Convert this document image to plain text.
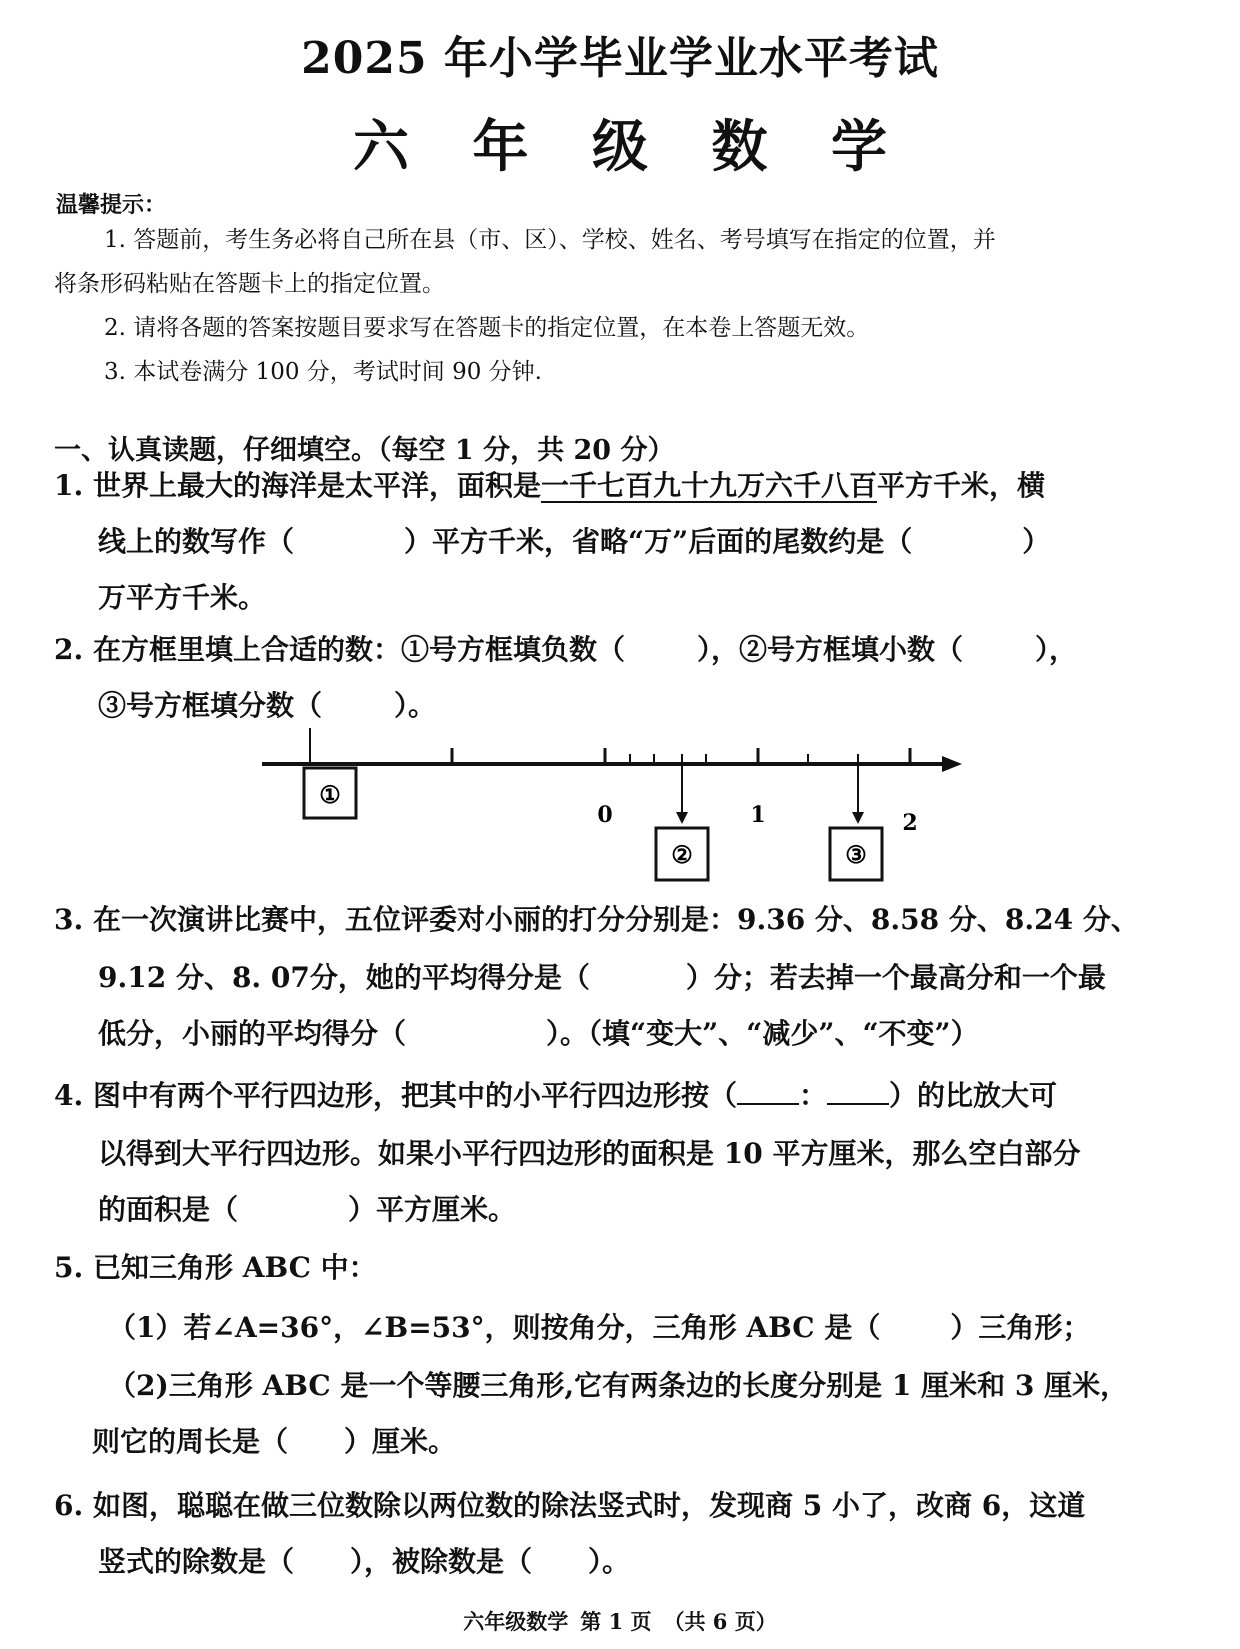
2025 年小学毕业学业水平考试
六 年 级 数 学
温馨提示：
1. 答题前，考生务必将自己所在县（市、区）、学校、姓名、考号填写在指定的位置，并
将条形码粘贴在答题卡上的指定位置。
2. 请将各题的答案按题目要求写在答题卡的指定位置，在本卷上答题无效。
3. 本试卷满分 100 分，考试时间 90 分钟.
一、认真读题，仔细填空。（每空 1 分，共 20 分）
1. 世界上最大的海洋是太平洋，面积是一千七百九十九万六千八百平方千米，横
线上的数写作（	）平方千米，省略“万”后面的尾数约是（	）
万平方千米。
2. 在方框里填上合适的数：①号方框填负数（	），②号方框填小数（	），
③号方框填分数（	）。
①
②	③
0	1	2
3. 在一次演讲比赛中，五位评委对小丽的打分分别是：9.36 分、8.58 分、8.24 分、
9.12 分、8. 07分，她的平均得分是（	）分；若去掉一个最高分和一个最
低分，小丽的平均得分（	）。（填“变大”、“减少”、“不变”）
4. 图中有两个平行四边形，把其中的小平行四边形按（ ： ）的比放大可
以得到大平行四边形。如果小平行四边形的面积是 10 平方厘米，那么空白部分
的面积是（	）平方厘米。
5. 已知三角形 ABC 中：
（1）若∠A=36°，∠B=53°，则按角分，三角形 ABC 是（	）三角形；
（2)三角形 ABC 是一个等腰三角形,它有两条边的长度分别是 1 厘米和 3 厘米，
则它的周长是（ ）厘米。
6. 如图，聪聪在做三位数除以两位数的除法竖式时，发现商 5 小了，改商 6，这道
竖式的除数是（ ），被除数是（ ）。
六年级数学 第 1 页 （共 6 页）
